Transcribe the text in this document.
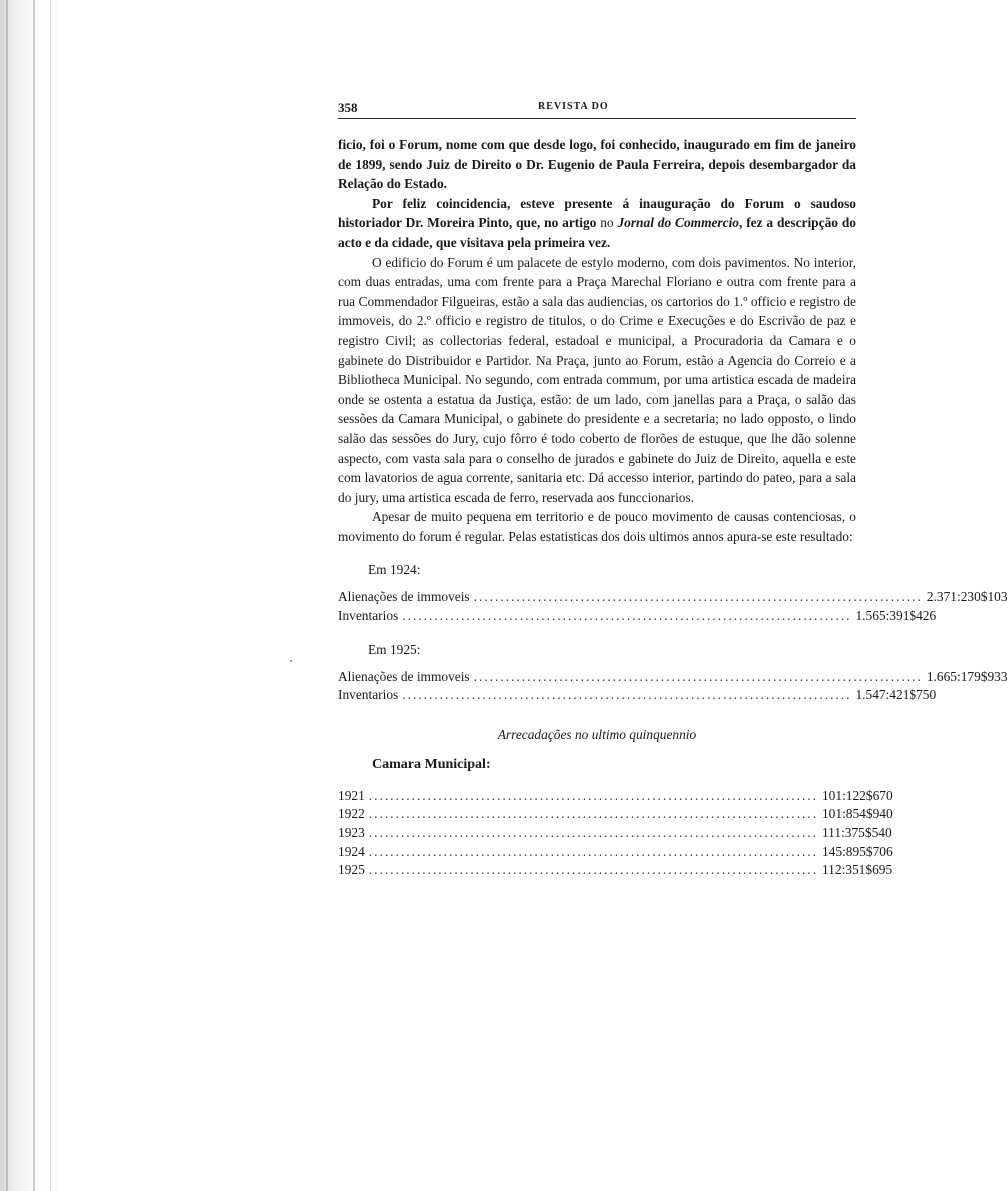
358	REVISTA DO

ficio, foi o Forum, nome com que desde logo, foi conhecido, inaugurado em fim de janeiro de 1899, sendo Juiz de Direito o Dr. Eugenio de Paula Ferreira, depois desembargador da Relação do Estado.

Por feliz coincidencia, esteve presente á inauguração do Forum o saudoso historiador Dr. Moreira Pinto, que, no artigo no Jornal do Commercio, fez a descripção do acto e da cidade, que visitava pela primeira vez.

O edificio do Forum é um palacete de estylo moderno, com dois pavimentos. No interior, com duas entradas, uma com frente para a Praça Marechal Floriano e outra com frente para a rua Commendador Filgueiras, estão a sala das audiencias, os cartorios do 1.º officio e registro de immoveis, do 2.º officio e registro de titulos, o do Crime e Execuções e do Escrivão de paz e registro Civil; as collectorias federal, estadoal e municipal, a Procuradoria da Camara e o gabinete do Distribuidor e Partidor. Na Praça, junto ao Forum, estão a Agencia do Correio e a Bibliotheca Municipal. No segundo, com entrada commum, por uma artistica escada de madeira onde se ostenta a estatua da Justiça, estão: de um lado, com janellas para a Praça, o salão das sessões da Camara Municipal, o gabinete do presidente e a secretaria; no lado opposto, o lindo salão das sessões do Jury, cujo fôrro é todo coberto de florões de estuque, que lhe dão solenne aspecto, com vasta sala para o conselho de jurados e gabinete do Juiz de Direito, aquella e este com lavatorios de agua corrente, sanitaria etc. Dá accesso interior, partindo do pateo, para a sala do jury, uma artistica escada de ferro, reservada aos funccionarios.

Apesar de muito pequena em territorio e de pouco movimento de causas contenciosas, o movimento do forum é regular. Pelas estatisticas dos dois ultimos annos apura-se este resultado:

Em 1924:
Alienações de immoveis .................................................................................... 2.371:230$103
Inventarios .................................................................................... 1.565:391$426
Em 1925:
Alienações de immoveis .................................................................................... 1.665:179$933
Inventarios .................................................................................... 1.547:421$750
Arrecadações no ultimo quinquennio
Camara Municipal:
1921 .................................................................................... 101:122$670
1922 .................................................................................... 101:854$940
1923 .................................................................................... 111:375$540
1924 .................................................................................... 145:895$706
1925 .................................................................................... 112:351$695
